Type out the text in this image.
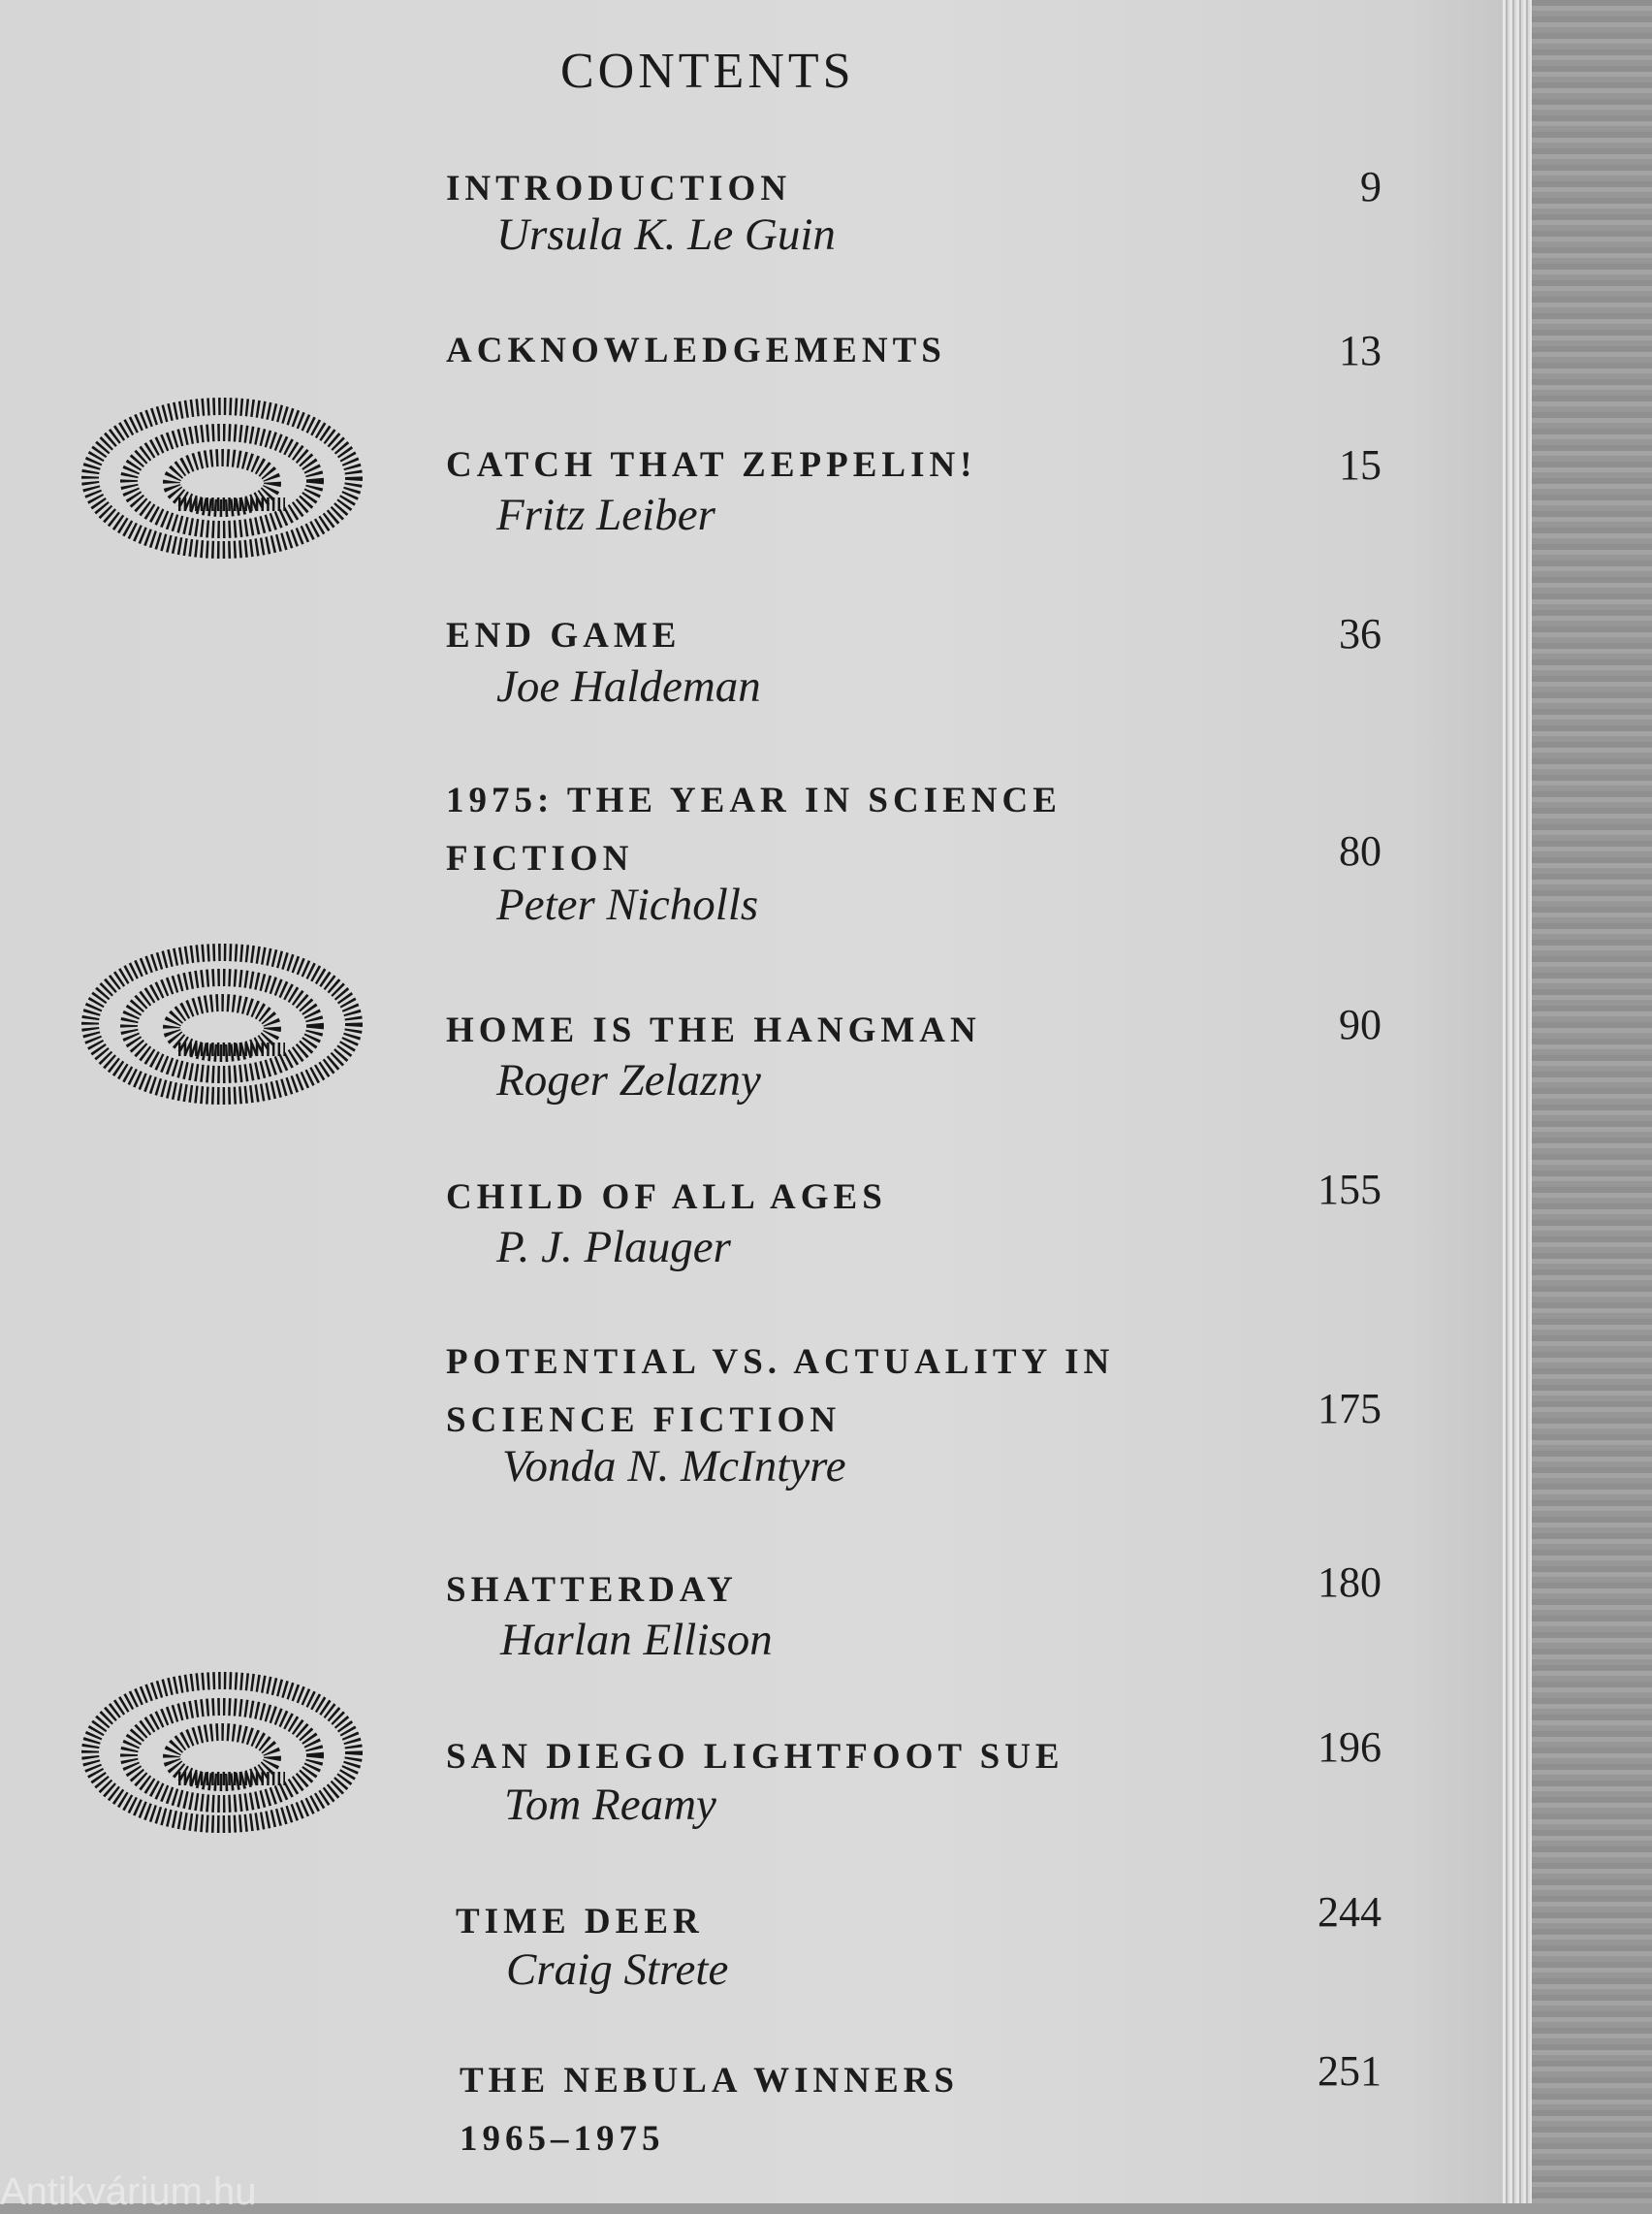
CONTENTS
INTRODUCTION
Ursula K. Le Guin
9
ACKNOWLEDGEMENTS	13
CATCH THAT ZEPPELIN!
Fritz Leiber
15
END GAME
Joe Haldeman
36
1975: THE YEAR IN SCIENCE FICTION
Peter Nicholls
80
HOME IS THE HANGMAN
Roger Zelazny
90
CHILD OF ALL AGES
P. J. Plauger
155
POTENTIAL VS. ACTUALITY IN SCIENCE FICTION
Vonda N. McIntyre
175
SHATTERDAY
Harlan Ellison
180
SAN DIEGO LIGHTFOOT SUE
Tom Reamy
196
TIME DEER
Craig Strete
244
THE NEBULA WINNERS 1965–1975
251
Antikvárium.hu
